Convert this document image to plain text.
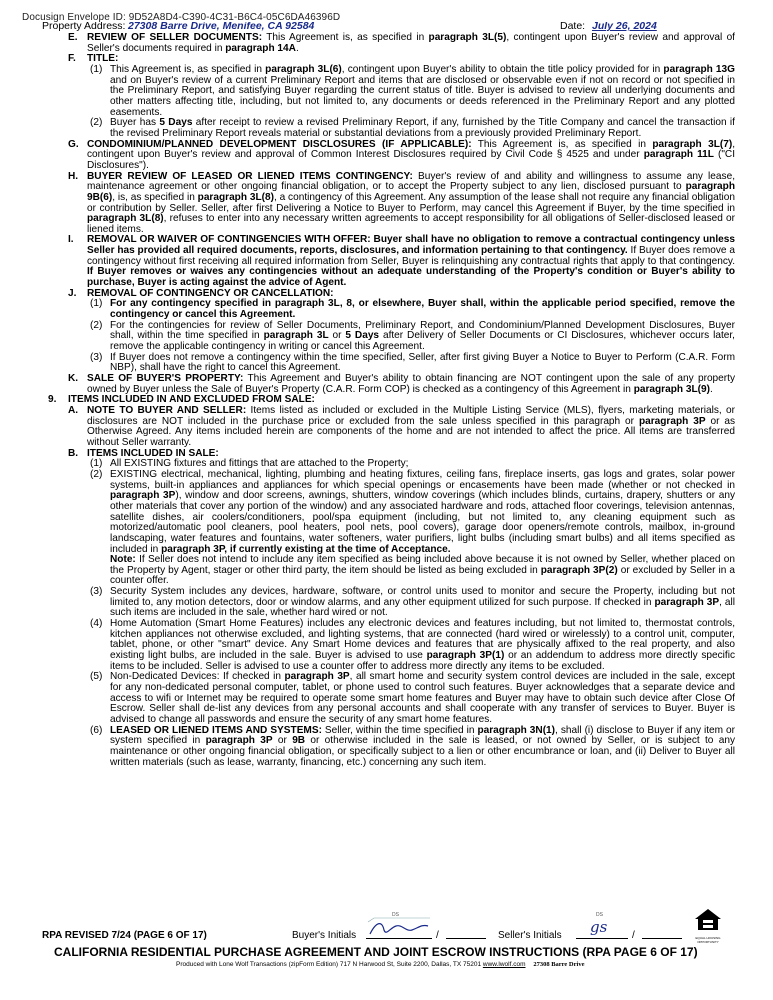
Docusign Envelope ID: 9D52A8D4-C390-4C31-B6C4-05C6DA46396D
Property Address: 27308 Barre Drive, Menifee, CA 92584	Date: July 26, 2024
E. REVIEW OF SELLER DOCUMENTS: This Agreement is, as specified in paragraph 3L(5), contingent upon Buyer's review and approval of Seller's documents required in paragraph 14A.
F. TITLE:
(1) This Agreement is, as specified in paragraph 3L(6), contingent upon Buyer's ability to obtain the title policy provided for in paragraph 13G and on Buyer's review of a current Preliminary Report and items that are disclosed or observable even if not on record or not specified in the Preliminary Report, and satisfying Buyer regarding the current status of title. Buyer is advised to review all underlying documents and other matters affecting title, including, but not limited to, any documents or deeds referenced in the Preliminary Report and any plotted easements.
(2) Buyer has 5 Days after receipt to review a revised Preliminary Report, if any, furnished by the Title Company and cancel the transaction if the revised Preliminary Report reveals material or substantial deviations from a previously provided Preliminary Report.
G. CONDOMINIUM/PLANNED DEVELOPMENT DISCLOSURES (IF APPLICABLE): This Agreement is, as specified in paragraph 3L(7), contingent upon Buyer's review and approval of Common Interest Disclosures required by Civil Code § 4525 and under paragraph 11L ("CI Disclosures").
H. BUYER REVIEW OF LEASED OR LIENED ITEMS CONTINGENCY: Buyer's review of and ability and willingness to assume any lease, maintenance agreement or other ongoing financial obligation, or to accept the Property subject to any lien, disclosed pursuant to paragraph 9B(6), is, as specified in paragraph 3L(8), a contingency of this Agreement. Any assumption of the lease shall not require any financial obligation or contribution by Seller. Seller, after first Delivering a Notice to Buyer to Perform, may cancel this Agreement if Buyer, by the time specified in paragraph 3L(8), refuses to enter into any necessary written agreements to accept responsibility for all obligations of Seller-disclosed leased or liened items.
I. REMOVAL OR WAIVER OF CONTINGENCIES WITH OFFER: Buyer shall have no obligation to remove a contractual contingency unless Seller has provided all required documents, reports, disclosures, and information pertaining to that contingency. If Buyer does remove a contingency without first receiving all required information from Seller, Buyer is relinquishing any contractual rights that apply to that contingency. If Buyer removes or waives any contingencies without an adequate understanding of the Property's condition or Buyer's ability to purchase, Buyer is acting against the advice of Agent.
J. REMOVAL OF CONTINGENCY OR CANCELLATION:
(1) For any contingency specified in paragraph 3L, 8, or elsewhere, Buyer shall, within the applicable period specified, remove the contingency or cancel this Agreement.
(2) For the contingencies for review of Seller Documents, Preliminary Report, and Condominium/Planned Development Disclosures, Buyer shall, within the time specified in paragraph 3L or 5 Days after Delivery of Seller Documents or CI Disclosures, whichever occurs later, remove the applicable contingency in writing or cancel this Agreement.
(3) If Buyer does not remove a contingency within the time specified, Seller, after first giving Buyer a Notice to Buyer to Perform (C.A.R. Form NBP), shall have the right to cancel this Agreement.
K. SALE OF BUYER'S PROPERTY: This Agreement and Buyer's ability to obtain financing are NOT contingent upon the sale of any property owned by Buyer unless the Sale of Buyer's Property (C.A.R. Form COP) is checked as a contingency of this Agreement in paragraph 3L(9).
9. ITEMS INCLUDED IN AND EXCLUDED FROM SALE:
A. NOTE TO BUYER AND SELLER: Items listed as included or excluded in the Multiple Listing Service (MLS), flyers, marketing materials, or disclosures are NOT included in the purchase price or excluded from the sale unless specified in this paragraph or paragraph 3P or as Otherwise Agreed. Any items included herein are components of the home and are not intended to affect the price. All items are transferred without Seller warranty.
B. ITEMS INCLUDED IN SALE:
(1) All EXISTING fixtures and fittings that are attached to the Property;
(2) EXISTING electrical, mechanical, lighting, plumbing and heating fixtures, ceiling fans, fireplace inserts, gas logs and grates, solar power systems, built-in appliances and appliances for which special openings or encasements have been made (whether or not checked in paragraph 3P), window and door screens, awnings, shutters, window coverings (which includes blinds, curtains, drapery, shutters or any other materials that cover any portion of the window) and any associated hardware and rods, attached floor coverings, television antennas, satellite dishes, air coolers/conditioners, pool/spa equipment (including, but not limited to, any cleaning equipment such as motorized/automatic pool cleaners, pool heaters, pool nets, pool covers), garage door openers/remote controls, mailbox, in-ground landscaping, water features and fountains, water softeners, water purifiers, light bulbs (including smart bulbs) and all items specified as included in paragraph 3P, if currently existing at the time of Acceptance.
Note: If Seller does not intend to include any item specified as being included above because it is not owned by Seller, whether placed on the Property by Agent, stager or other third party, the item should be listed as being excluded in paragraph 3P(2) or excluded by Seller in a counter offer.
(3) Security System includes any devices, hardware, software, or control units used to monitor and secure the Property, including but not limited to, any motion detectors, door or window alarms, and any other equipment utilized for such purpose. If checked in paragraph 3P, all such items are included in the sale, whether hard wired or not.
(4) Home Automation (Smart Home Features) includes any electronic devices and features including, but not limited to, thermostat controls, kitchen appliances not otherwise excluded, and lighting systems, that are connected (hard wired or wirelessly) to a control unit, computer, tablet, phone, or other "smart" device. Any Smart Home devices and features that are physically affixed to the real property, and also existing light bulbs, are included in the sale. Buyer is advised to use paragraph 3P(1) or an addendum to address more directly specific items to be included. Seller is advised to use a counter offer to address more directly any items to be excluded.
(5) Non-Dedicated Devices: If checked in paragraph 3P, all smart home and security system control devices are included in the sale, except for any non-dedicated personal computer, tablet, or phone used to control such features. Buyer acknowledges that a separate device and access to wifi or Internet may be required to operate some smart home features and Buyer may have to obtain such device after Close Of Escrow. Seller shall de-list any devices from any personal accounts and shall cooperate with any transfer of services to Buyer. Buyer is advised to change all passwords and ensure the security of any smart home features.
(6) LEASED OR LIENED ITEMS AND SYSTEMS: Seller, within the time specified in paragraph 3N(1), shall (i) disclose to Buyer if any item or system specified in paragraph 3P or 9B or otherwise included in the sale is leased, or not owned by Seller, or is subject to any maintenance or other ongoing financial obligation, or specifically subject to a lien or other encumbrance or loan, and (ii) Deliver to Buyer all written materials (such as lease, warranty, financing, etc.) concerning any such item.
RPA REVISED 7/24 (PAGE 6 OF 17)	Buyer's Initials
DS
/	Seller's Initials
DS
gs /	EQUAL HOUSING OPPORTUNITY
CALIFORNIA RESIDENTIAL PURCHASE AGREEMENT AND JOINT ESCROW INSTRUCTIONS (RPA PAGE 6 OF 17)
Produced with Lone Wolf Transactions (zipForm Edition) 717 N Harwood St, Suite 2200, Dallas, TX 75201 www.lwolf.com 27308 Barre Drive
